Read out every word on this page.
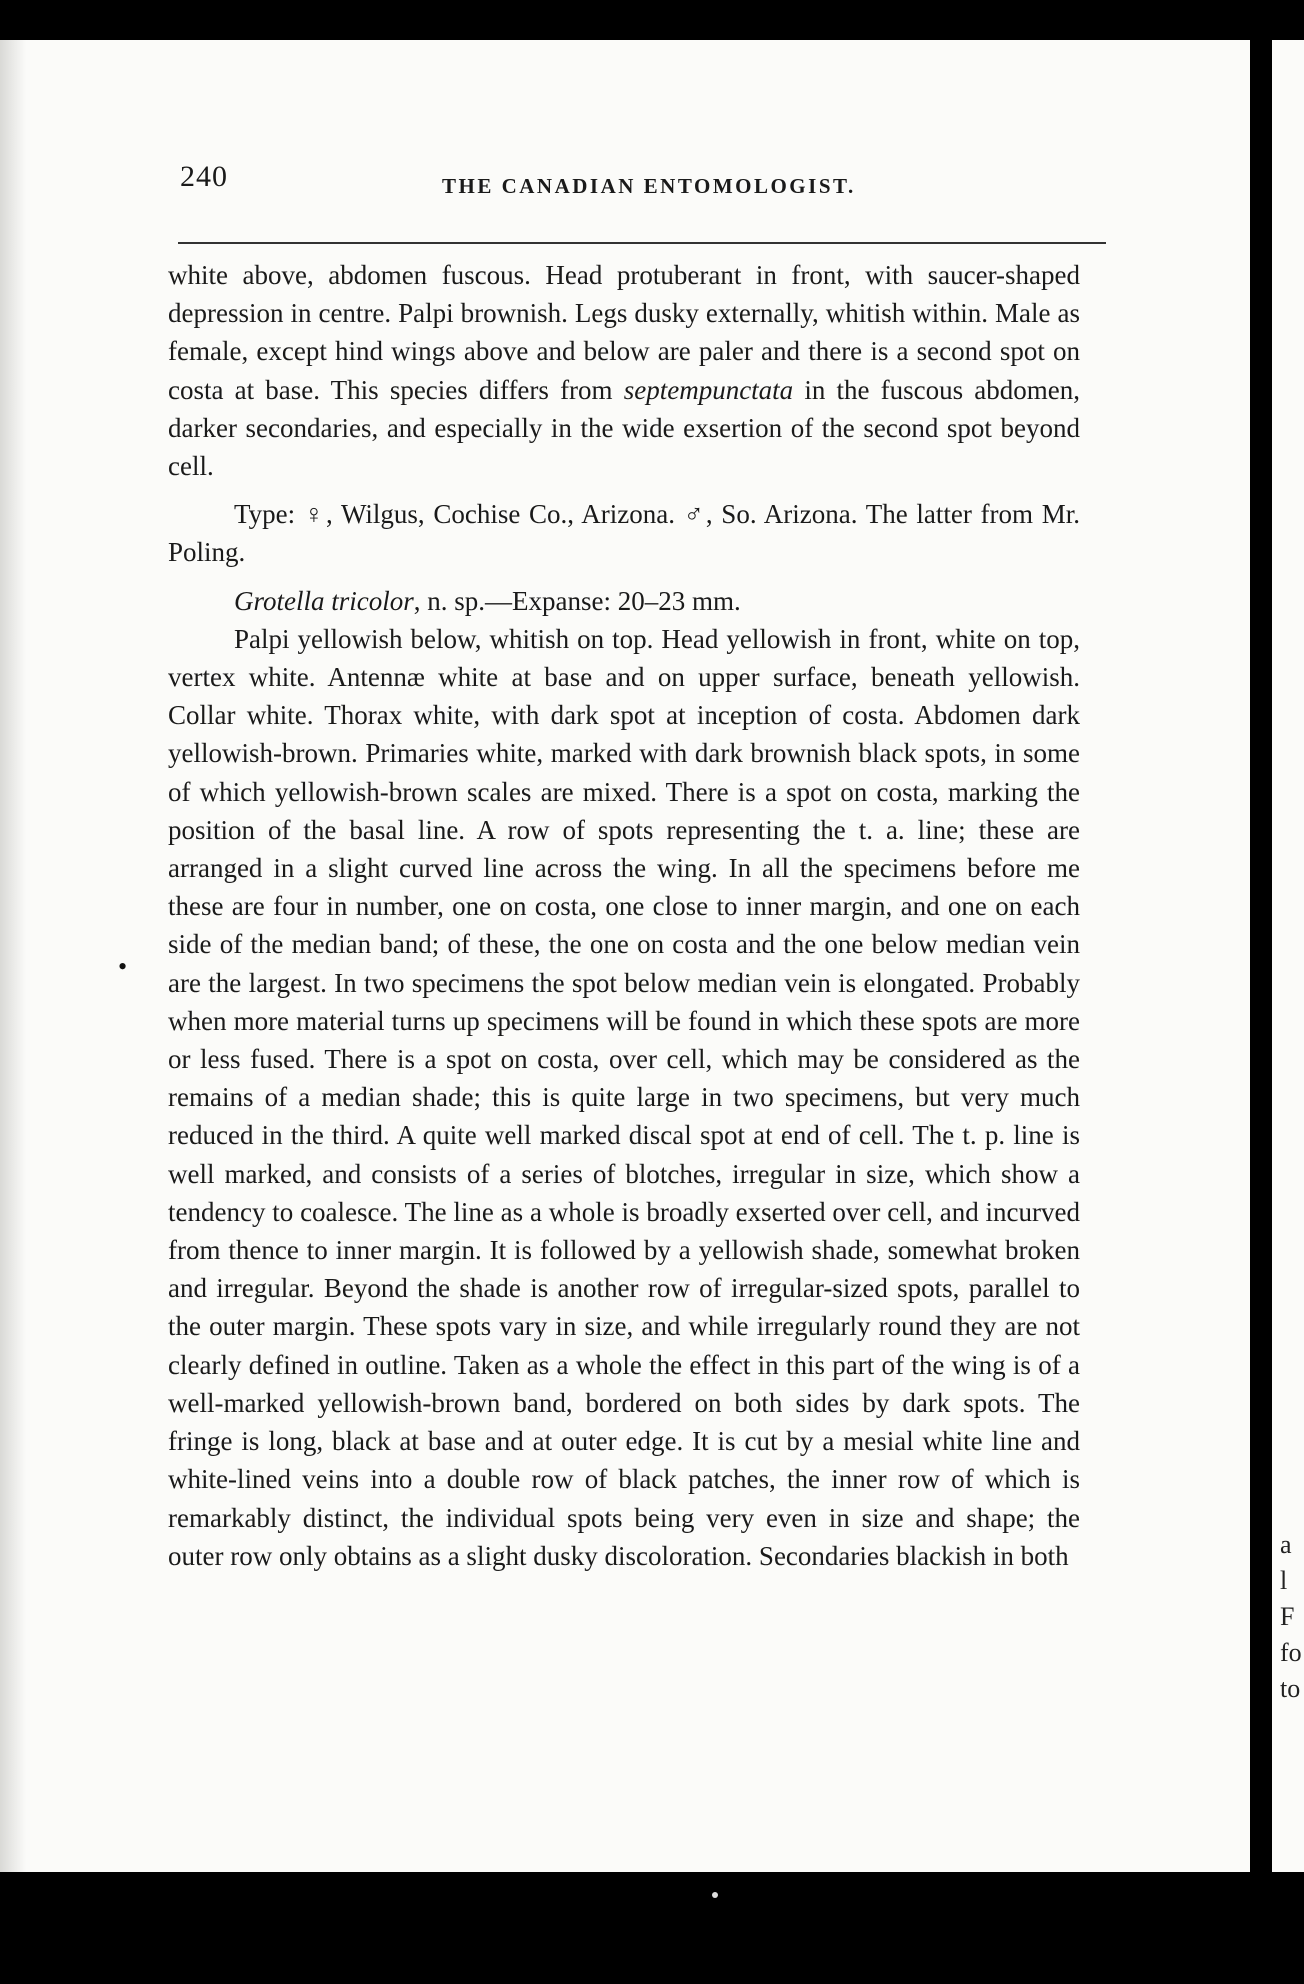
a
l
F
fo
to
240	THE CANADIAN ENTOMOLOGIST.
•

white above, abdomen fuscous. Head protuberant in front, with saucer-shaped depression in centre. Palpi brownish. Legs dusky externally, whitish within. Male as female, except hind wings above and below are paler and there is a second spot on costa at base. This species differs from septempunctata in the fuscous abdomen, darker secondaries, and especially in the wide exsertion of the second spot beyond cell.

Type: ♀, Wilgus, Cochise Co., Arizona. ♂, So. Arizona. The latter from Mr. Poling.

Grotella tricolor, n. sp.—Expanse: 20–23 mm.

Palpi yellowish below, whitish on top. Head yellowish in front, white on top, vertex white. Antennæ white at base and on upper surface, beneath yellowish. Collar white. Thorax white, with dark spot at inception of costa. Abdomen dark yellowish-brown. Primaries white, marked with dark brownish black spots, in some of which yellowish-brown scales are mixed. There is a spot on costa, marking the position of the basal line. A row of spots representing the t. a. line; these are arranged in a slight curved line across the wing. In all the specimens before me these are four in number, one on costa, one close to inner margin, and one on each side of the median band; of these, the one on costa and the one below median vein are the largest. In two specimens the spot below median vein is elongated. Probably when more material turns up specimens will be found in which these spots are more or less fused. There is a spot on costa, over cell, which may be considered as the remains of a median shade; this is quite large in two specimens, but very much reduced in the third. A quite well marked discal spot at end of cell. The t. p. line is well marked, and consists of a series of blotches, irregular in size, which show a tendency to coalesce. The line as a whole is broadly exserted over cell, and incurved from thence to inner margin. It is followed by a yellowish shade, somewhat broken and irregular. Beyond the shade is another row of irregular-sized spots, parallel to the outer margin. These spots vary in size, and while irregularly round they are not clearly defined in outline. Taken as a whole the effect in this part of the wing is of a well-marked yellowish-brown band, bordered on both sides by dark spots. The fringe is long, black at base and at outer edge. It is cut by a mesial white line and white-lined veins into a double row of black patches, the inner row of which is remarkably distinct, the individual spots being very even in size and shape; the outer row only obtains as a slight dusky discoloration. Secondaries blackish in both
